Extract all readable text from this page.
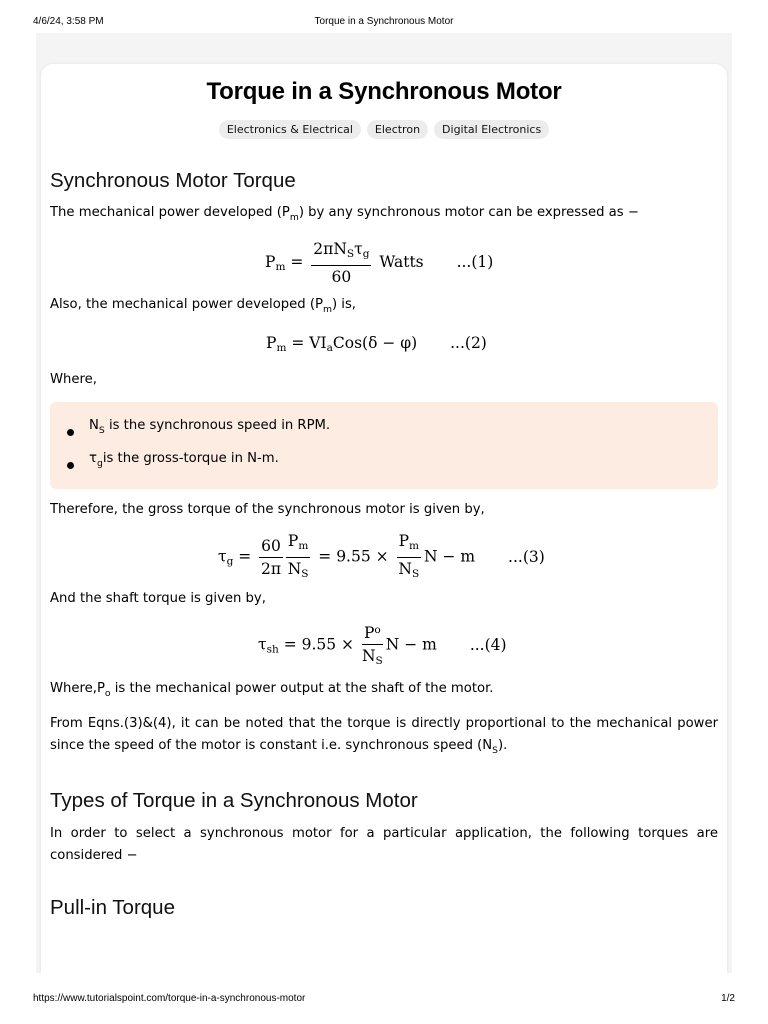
4/6/24, 3:58 PM	Torque in a Synchronous Motor
Torque in a Synchronous Motor
Electronics & Electrical Electron Digital Electronics
Synchronous Motor Torque
The mechanical power developed $(P_m)$ by any synchronous motor can be expressed as −
$Pm = \frac{\text{2πNSτg}}{60}$ Watts ...(1)
Also, the mechanical power developed $(P_m)$ is,
Pm = VIaCos(δ − φ) ...(2)
Where,
$N_S$ is the synchronous speed in RPM.
$\tau_gis$ the gross-torque in N-m.
Therefore, the gross torque of the synchronous motor is given by,
$\tau g = \frac{60}{2\pi} \frac{Pm}{NS} = 9.55 \times \frac{Pm}{NS}$ N − m ...(3)
And the shaft torque is given by,
$\tau sh = 9.55 \times \frac{P^o}{NS}$ N − m ...(4)
$Where,P_o$ is the mechanical power output at the shaft of the motor.
From Eqns.(3)&(4), it can be noted that the torque is directly proportional to the mechanical power since the speed of the motor is constant i.e. synchronous speed $(N_S)$.
Types of Torque in a Synchronous Motor
In order to select a synchronous motor for a particular application, the following torques are considered −
Pull-in Torque
https://www.tutorialspoint.com/torque-in-a-synchronous-motor	1/2
